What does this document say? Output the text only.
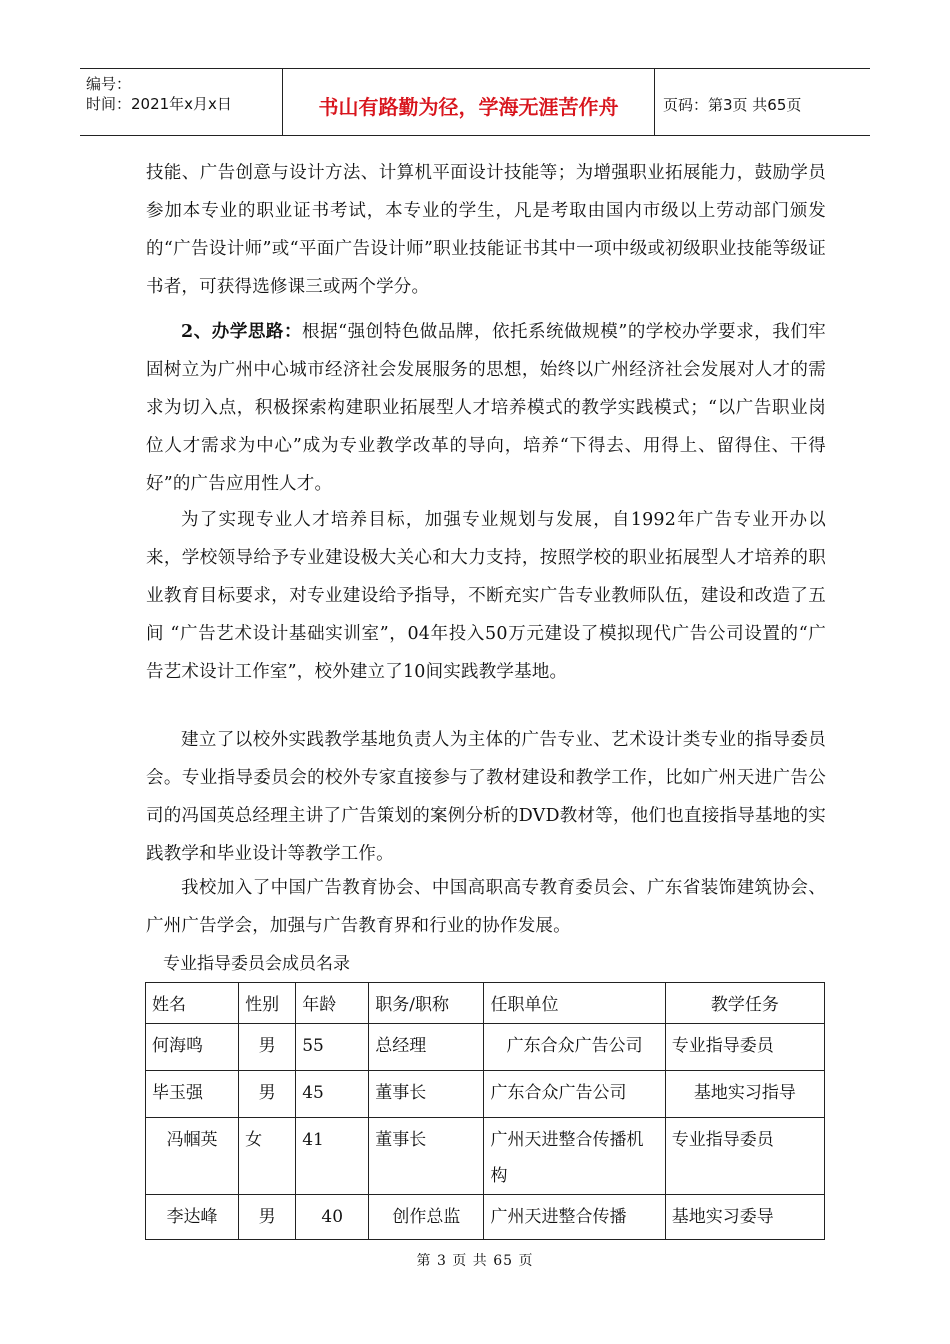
编号：
时间：2021年x月x日	书山有路勤为径，学海无涯苦作舟	页码：第3页 共65页
技能、广告创意与设计方法、计算机平面设计技能等；为增强职业拓展能力，鼓励学员参加本专业的职业证书考试，本专业的学生，凡是考取由国内市级以上劳动部门颁发的“广告设计师”或“平面广告设计师”职业技能证书其中一项中级或初级职业技能等级证书者，可获得选修课三或两个学分。
2、办学思路：根据“强创特色做品牌，依托系统做规模”的学校办学要求，我们牢固树立为广州中心城市经济社会发展服务的思想，始终以广州经济社会发展对人才的需求为切入点，积极探索构建职业拓展型人才培养模式的教学实践模式；“以广告职业岗位人才需求为中心”成为专业教学改革的导向，培养“下得去、用得上、留得住、干得好”的广告应用性人才。
为了实现专业人才培养目标，加强专业规划与发展，自1992年广告专业开办以来，学校领导给予专业建设极大关心和大力支持，按照学校的职业拓展型人才培养的职业教育目标要求，对专业建设给予指导，不断充实广告专业教师队伍，建设和改造了五间 “广告艺术设计基础实训室”，04年投入50万元建设了模拟现代广告公司设置的“广告艺术设计工作室”，校外建立了10间实践教学基地。
建立了以校外实践教学基地负责人为主体的广告专业、艺术设计类专业的指导委员会。专业指导委员会的校外专家直接参与了教材建设和教学工作，比如广州天进广告公司的冯国英总经理主讲了广告策划的案例分析的DVD教材等，他们也直接指导基地的实践教学和毕业设计等教学工作。
我校加入了中国广告教育协会、中国高职高专教育委员会、广东省装饰建筑协会、广州广告学会，加强与广告教育界和行业的协作发展。
专业指导委员会成员名录
姓名	性别	年龄	职务/职称	任职单位	教学任务
何海鸣	男	55	总经理	广东合众广告公司	专业指导委员
毕玉强	男	45	董事长	广东合众广告公司	基地实习指导
冯帼英	女	41	董事长	广州天进整合传播机构	专业指导委员
李达峰	男	40	创作总监	广州天进整合传播	基地实习委导
第 3 页 共 65 页
